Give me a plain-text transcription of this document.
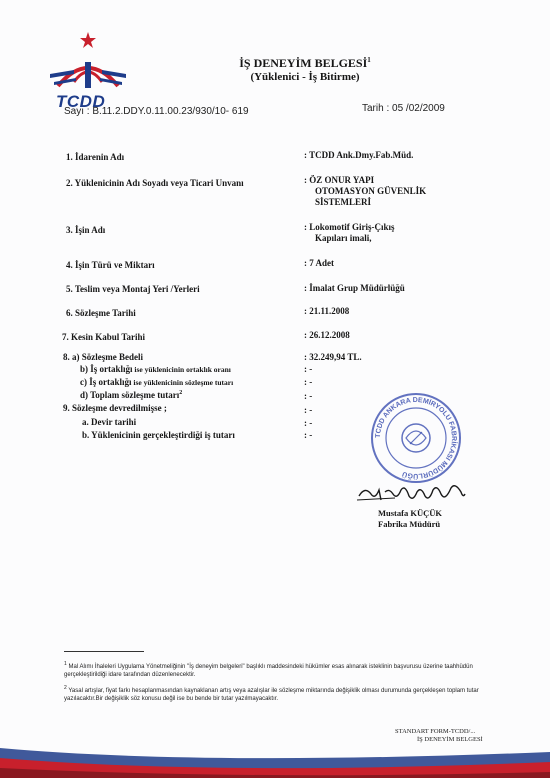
TCDD
İŞ DENEYİM BELGESİ$^1$
(Yüklenici - İş Bitirme)
Sayı : B.11.2.DDY.0.11.00.23/930/10- 619	Tarih : 05 /02/2009
1. İdarenin Adı	: TCDD Ank.Dmy.Fab.Müd.
2. Yüklenicinin Adı Soyadı veya Ticari Unvanı	: ÖZ ONUR YAPI
OTOMASYON GÜVENLİK
SİSTEMLERİ
3. İşin Adı	: Lokomotif Giriş-Çıkış
Kapıları imali,
4. İşin Türü ve Miktarı	: 7 Adet
5. Teslim veya Montaj Yeri /Yerleri	: İmalat Grup Müdürlüğü
6. Sözleşme Tarihi	: 21.11.2008
7. Kesin Kabul Tarihi	: 26.12.2008
8. a) Sözleşme Bedeli	: 32.249,94 TL.
b) İş ortaklığı ise yüklenicinin ortaklık oranı	: -
c) İş ortaklığı ise yüklenicinin sözleşme tutarı	: -
d) Toplam sözleşme tutarı$^2$	: -
9. Sözleşme devredilmişse ;	: -
a. Devir tarihi	: -
b. Yüklenicinin gerçekleştirdiği iş tutarı	: -	TCDD ANKARA DEMİRYOLU FABRİKASI MÜDÜRLÜĞÜ
Mustafa KÜÇÜK
Fabrika Müdürü
$^1$ Mal Alımı İhaleleri Uygulama Yönetmeliğinin "İş deneyim belgeleri" başlıklı maddesindeki hükümler esas alınarak isteklinin başvurusu üzerine taahhüdün gerçekleştirildiği idare tarafından düzenlenecektir.
$^2$ Yasal artışlar, fiyat farkı hesaplanmasından kaynaklanan artış veya azalışlar ile sözleşme miktarında değişiklik olması durumunda gerçekleşen toplam tutar yazılacaktır.Bir değişiklik söz konusu değil ise bu bende bir tutar yazılmayacaktır.
STANDART FORM-TCDD/...
İŞ DENEYİM BELGESİ
